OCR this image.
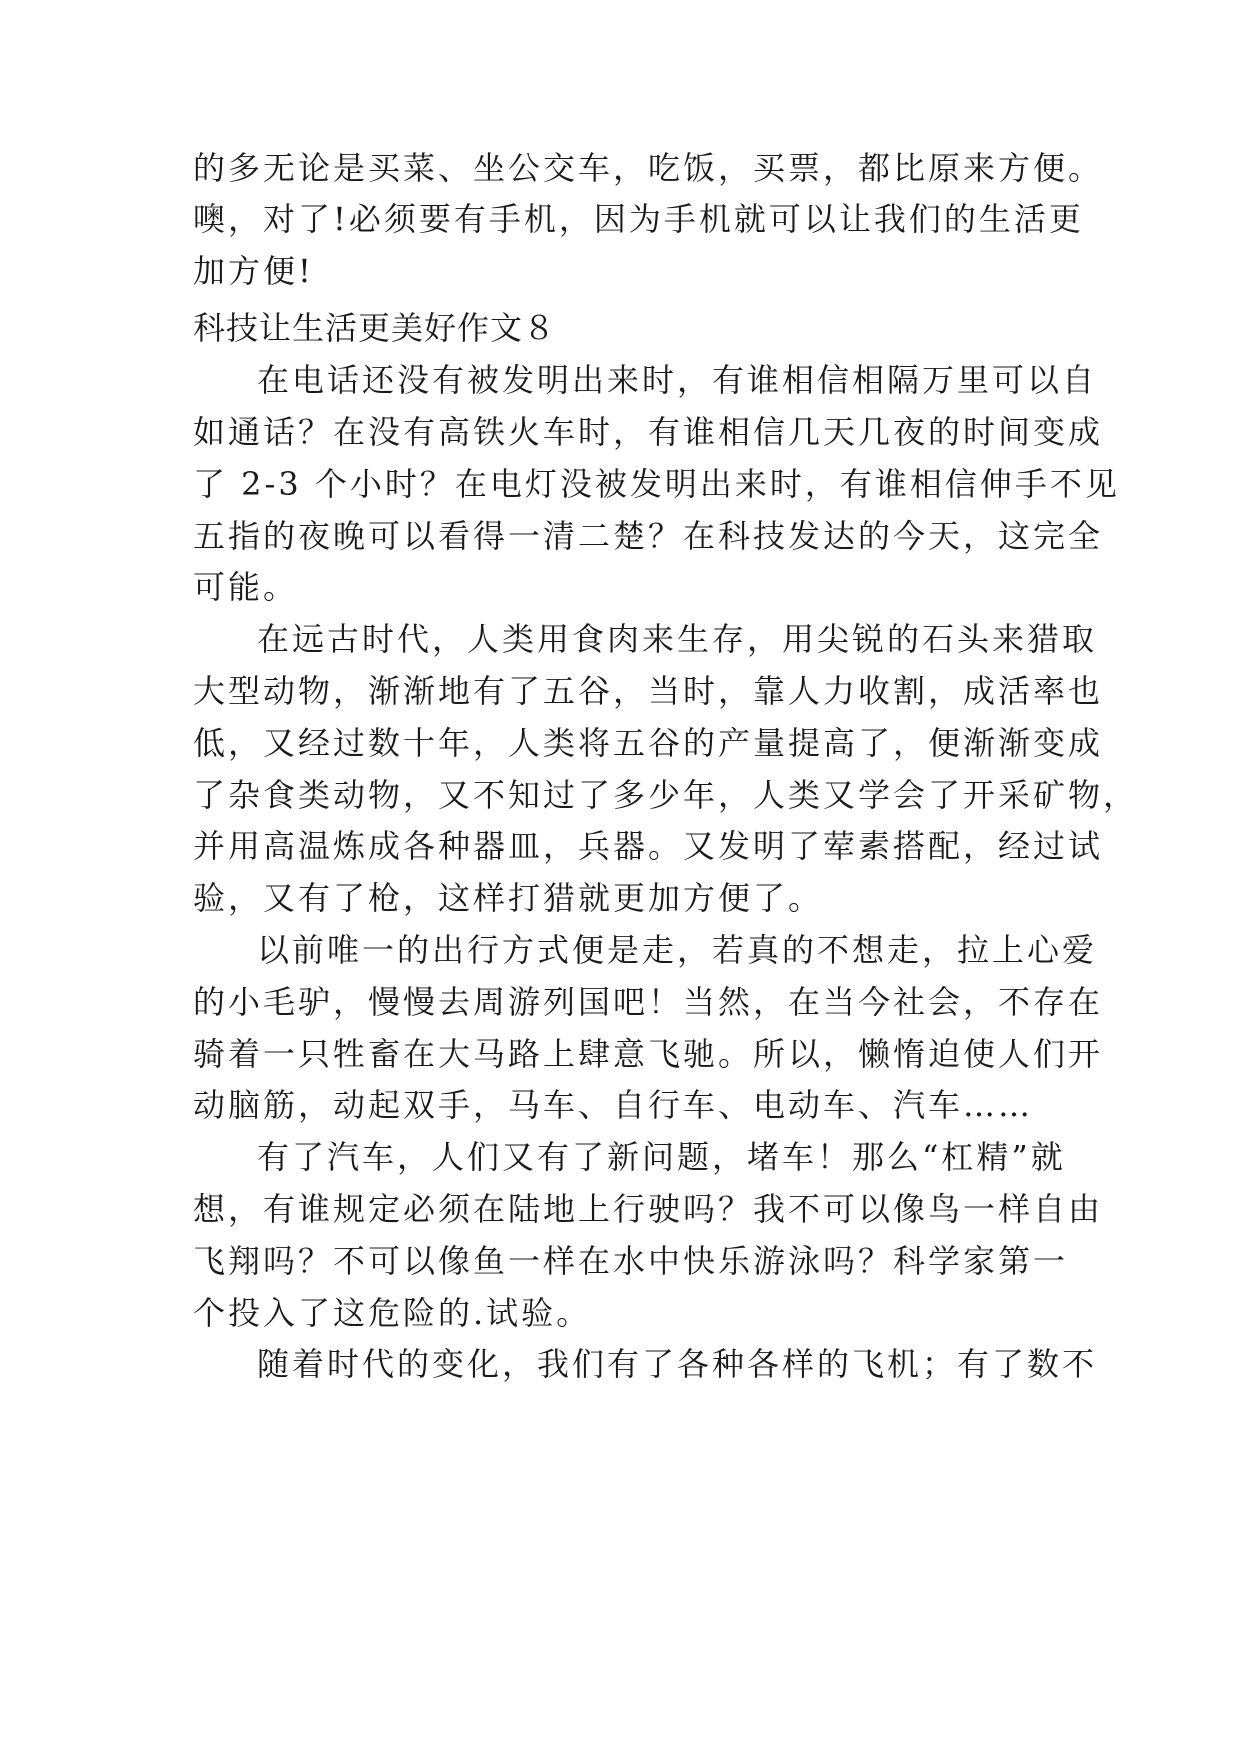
的多无论是买菜、坐公交车，吃饭，买票，都比原来方便。
噢，对了!必须要有手机，因为手机就可以让我们的生活更
加方便!
科技让生活更美好作文８
在电话还没有被发明出来时，有谁相信相隔万里可以自
如通话？在没有高铁火车时，有谁相信几天几夜的时间变成
了 2-3 个小时？在电灯没被发明出来时，有谁相信伸手不见
五指的夜晚可以看得一清二楚？在科技发达的今天，这完全
可能。
在远古时代，人类用食肉来生存，用尖锐的石头来猎取
大型动物，渐渐地有了五谷，当时，靠人力收割，成活率也
低，又经过数十年，人类将五谷的产量提高了，便渐渐变成
了杂食类动物，又不知过了多少年，人类又学会了开采矿物，
并用高温炼成各种器皿，兵器。又发明了荤素搭配，经过试
验，又有了枪，这样打猎就更加方便了。
以前唯一的出行方式便是走，若真的不想走，拉上心爱
的小毛驴，慢慢去周游列国吧！当然，在当今社会，不存在
骑着一只牲畜在大马路上肆意飞驰。所以，懒惰迫使人们开
动脑筋，动起双手，马车、自行车、电动车、汽车……
有了汽车，人们又有了新问题，堵车！那么“杠精”就
想，有谁规定必须在陆地上行驶吗？我不可以像鸟一样自由
飞翔吗？不可以像鱼一样在水中快乐游泳吗？科学家第一
个投入了这危险的.试验。
随着时代的变化，我们有了各种各样的飞机；有了数不
